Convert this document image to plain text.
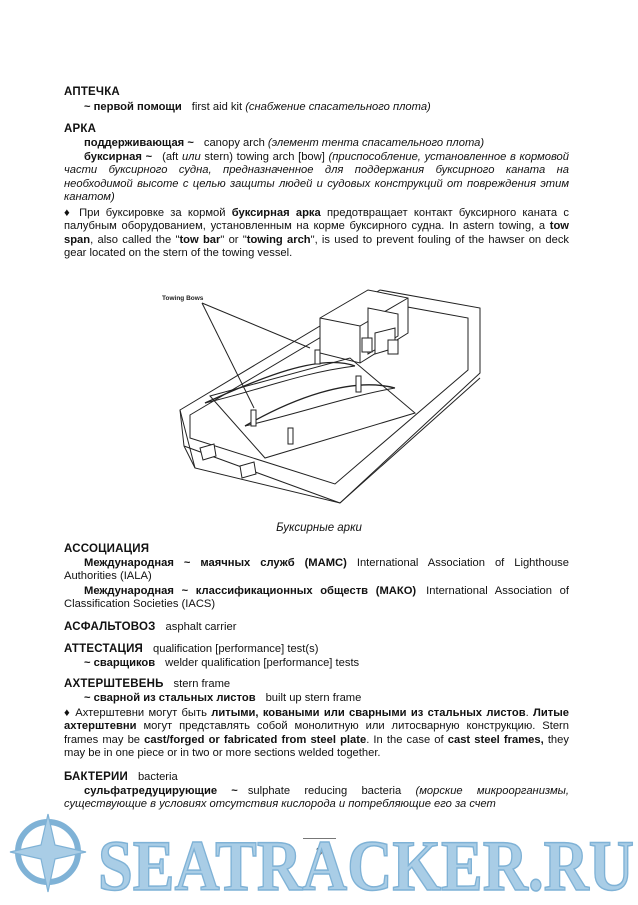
АПТЕЧКА
~ первой помощи first aid kit (снабжение спасательного плота)
АРКА
поддерживающая ~ canopy arch (элемент тента спасательного плота)
буксирная ~ (aft или stern) towing arch [bow] (приспособление, установленное в кормовой части буксирного судна, предназначенное для поддержания буксирного каната на необходимой высоте с целью защиты людей и судовых конструкций от повреждения этим канатом)
♦ При буксировке за кормой буксирная арка предотвращает контакт буксирного каната с палубным оборудованием, установленным на корме буксирного судна. In astern towing, a tow span, also called the "tow bar" or "towing arch", is used to prevent fouling of the hawser on deck gear located on the stern of the towing vessel.
Towing Bows
Буксирные арки
АССОЦИАЦИЯ
Международная ~ маячных служб (МАМС) International Association of Lighthouse Authorities (IALA)
Международная ~ классификационных обществ (МАКО) International Association of Classification Societies (IACS)
АСФАЛЬТОВОЗ asphalt carrier
АТТЕСТАЦИЯ qualification [performance] test(s)
~ сварщиков welder qualification [performance] tests
АХТЕРШТЕВЕНЬ stern frame
~ сварной из стальных листов built up stern frame
♦ Ахтерштевни могут быть литыми, коваными или сварными из стальных листов. Литые ахтерштевни могут представлять собой монолитную или литосварную конструкцию. Stern frames may be cast/forged or fabricated from steel plate. In the case of cast steel frames, they may be in one piece or in two or more sections welded together.
БАКТЕРИИ bacteria
сульфатредуцирующие ~ sulphate reducing bacteria (морские микроорганизмы, существующие в условиях отсутствия кислорода и потребляющие его за счет
8
SEATRACKER.RU
